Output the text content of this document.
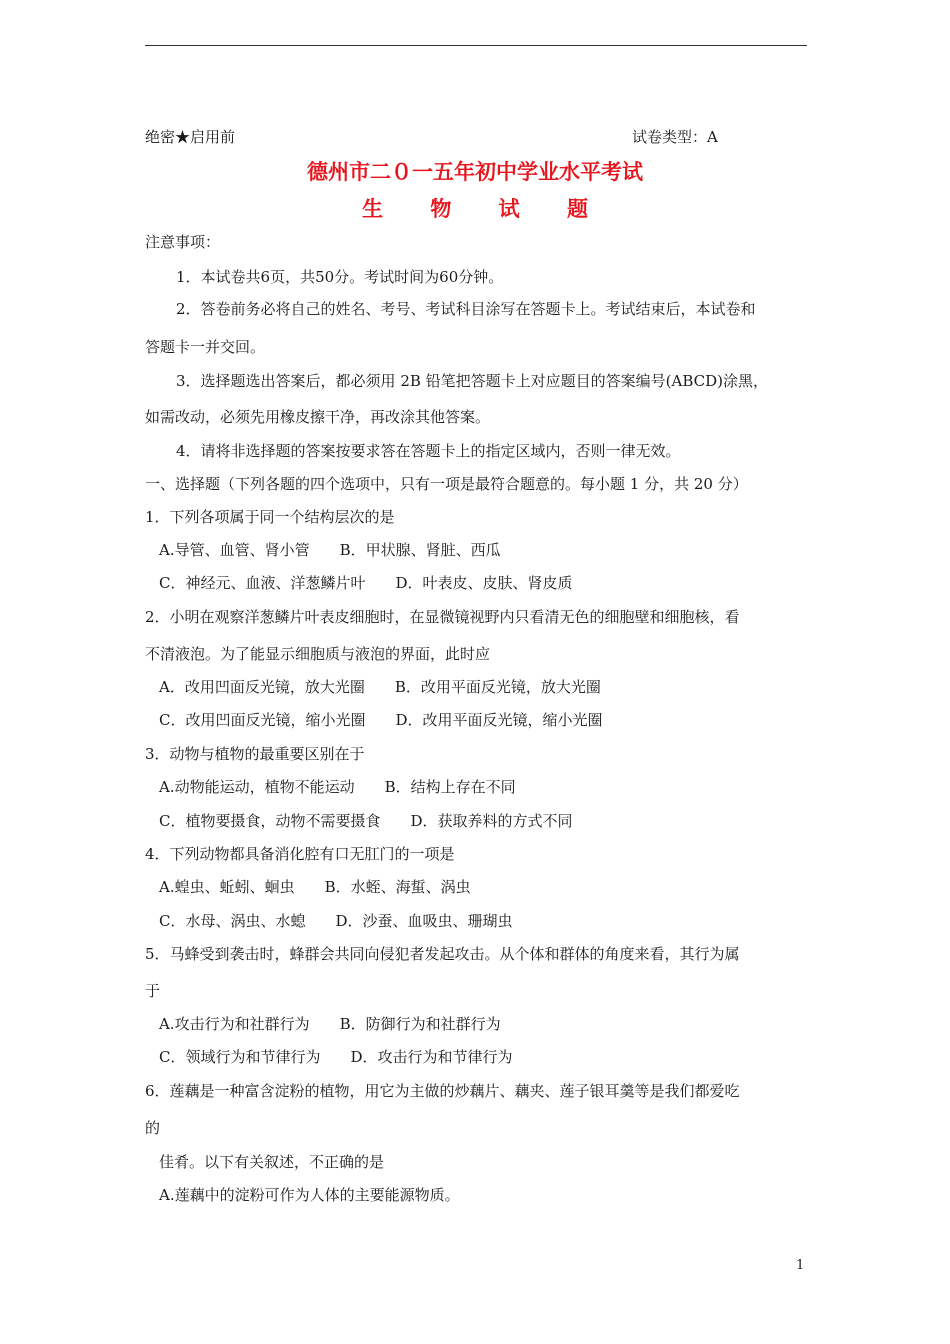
绝密★启用前	试卷类型：A
德州市二０一五年初中学业水平考试
生 物 试 题
注意事项：
1．本试卷共6页，共50分。考试时间为60分钟。
2．答卷前务必将自己的姓名、考号、考试科目涂写在答题卡上。考试结束后，本试卷和
答题卡一并交回。
3．选择题选出答案后，都必须用 2B 铅笔把答题卡上对应题目的答案编号(ABCD)涂黑，
如需改动，必须先用橡皮擦干净，再改涂其他答案。
4．请将非选择题的答案按要求答在答题卡上的指定区域内，否则一律无效。
一、选择题（下列各题的四个选项中，只有一项是最符合题意的。每小题 1 分，共 20 分）
1．下列各项属于同一个结构层次的是
A.导管、血管、肾小管　　B．甲状腺、肾脏、西瓜
C．神经元、血液、洋葱鳞片叶　　D．叶表皮、皮肤、肾皮质
2．小明在观察洋葱鳞片叶表皮细胞时，在显微镜视野内只看清无色的细胞壁和细胞核，看
不清液泡。为了能显示细胞质与液泡的界面，此时应
A．改用凹面反光镜，放大光圈　　B．改用平面反光镜，放大光圈
C．改用凹面反光镜，缩小光圈　　D．改用平面反光镜，缩小光圈
3．动物与植物的最重要区别在于
A.动物能运动，植物不能运动　　B．结构上存在不同
C．植物要摄食，动物不需要摄食　　D．获取养料的方式不同
4．下列动物都具备消化腔有口无肛门的一项是
A.蝗虫、蚯蚓、蛔虫　　B．水蛭、海蜇、涡虫
C．水母、涡虫、水螅　　D．沙蚕、血吸虫、珊瑚虫
5．马蜂受到袭击时，蜂群会共同向侵犯者发起攻击。从个体和群体的角度来看，其行为属
于
A.攻击行为和社群行为　　B．防御行为和社群行为
C．领域行为和节律行为　　D．攻击行为和节律行为
6．莲藕是一种富含淀粉的植物，用它为主做的炒藕片、藕夹、莲子银耳羹等是我们都爱吃
的
佳肴。以下有关叙述，不正确的是
A.莲藕中的淀粉可作为人体的主要能源物质。
1
